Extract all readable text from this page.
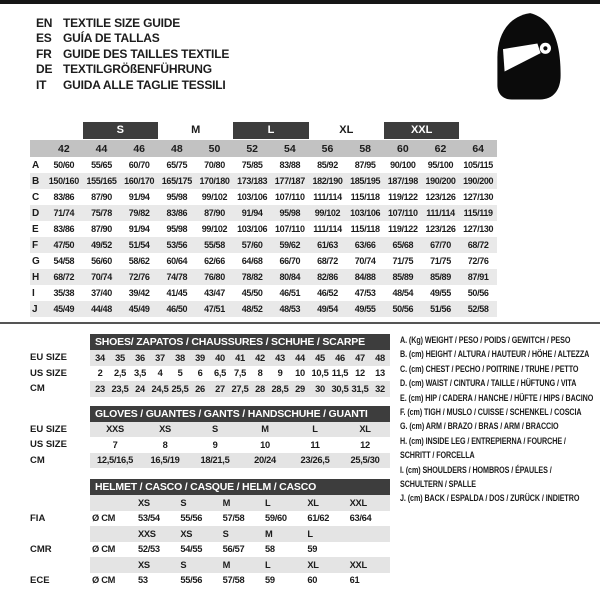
EN TEXTILE SIZE GUIDE
ES GUÍA DE TALLAS
FR GUIDE DES TAILLES TEXTILE
DE TEXTILGRÖßENFÜHRUNG
IT	GUIDA ALLE TAGLIE TESSILI
S	M	L	XL	XXL
42	44	46	48	50	52	54	56	58	60	62	64
A	50/60	55/65	60/70	65/75	70/80	75/85	83/88	85/92	87/95	90/100	95/100	105/115
B	150/160 155/165 160/170 165/175 170/180 173/183 177/187 182/190 185/195 187/198 190/200 190/200
C	83/86	87/90	91/94	95/98	99/102	103/106 107/110 111/114 115/118 119/122 123/126 127/130
D	71/74	75/78	79/82	83/86	87/90	91/94	95/98	99/102	103/106 107/110 111/114 115/119
E	83/86	87/90	91/94	95/98	99/102	103/106 107/110 111/114 115/118 119/122 123/126 127/130
F	47/50	49/52	51/54	53/56	55/58	57/60	59/62	61/63	63/66	65/68	67/70	68/72
G	54/58	56/60	58/62	60/64	62/66	64/68	66/70	68/72	70/74	71/75	71/75	72/76
H	68/72	70/74	72/76	74/78	76/80	78/82	80/84	82/86	84/88	85/89	85/89	87/91
I	35/38	37/40	39/42	41/45	43/47	45/50	46/51	46/52	47/53	48/54	49/55	50/56
J	45/49	44/48	45/49	46/50	47/51	48/52	48/53	49/54	49/55	50/56	51/56	52/58
SHOES/ ZAPATOS / CHAUSSURES / SCHUHE / SCARPE
EU SIZE	34	35	36	37	38	39	40	41	42	43	44	45	46	47	48
US SIZE	2	2,5 3,5	4	5	6	6,5 7,5	8	9	10 10,5 11,5 12	13
CM	23 23,5 24 24,5 25,5 26	27 27,5 28 28,5 29	30 30,5 31,5 32
GLOVES / GUANTES / GANTS / HANDSCHUHE / GUANTI
EU SIZE	XXS	XS	S	M	L	XL
US SIZE	7	8	9	10	11	12
CM	12,5/16,5	16,5/19	18/21,5	20/24	23/26,5	25,5/30
HELMET / CASCO / CASQUE / HELM / CASCO
XS	S	M	L	XL	XXL
FIA	Ø CM	53/54	55/56	57/58	59/60	61/62	63/64
XXS	XS	S	M	L
CMR	Ø CM	52/53	54/55	56/57	58	59
XS	S	M	L	XL	XXL
ECE	Ø CM	53	55/56	57/58	59	60	61
A. (Kg) WEIGHT / PESO / POIDS / GEWITCH / PESO
B. (cm) HEIGHT / ALTURA / HAUTEUR / HÖHE / ALTEZZA
C. (cm) CHEST / PECHO / POITRINE / TRUHE / PETTO
D. (cm) WAIST / CINTURA / TAILLE / HÜFTUNG / VITA
E. (cm) HIP / CADERA / HANCHE / HÜFTE / HIPS / BACINO
F. (cm) TIGH / MUSLO / CUISSE / SCHENKEL / COSCIA
G. (cm) ARM / BRAZO / BRAS / ARM / BRACCIO
H. (cm) INSIDE LEG / ENTREPIERNA / FOURCHE /
SCHRITT / FORCELLA
I. (cm) SHOULDERS / HOMBROS / ÉPAULES /
SCHULTERN / SPALLE
J. (cm) BACK / ESPALDA / DOS / ZURÜCK / INDIETRO
